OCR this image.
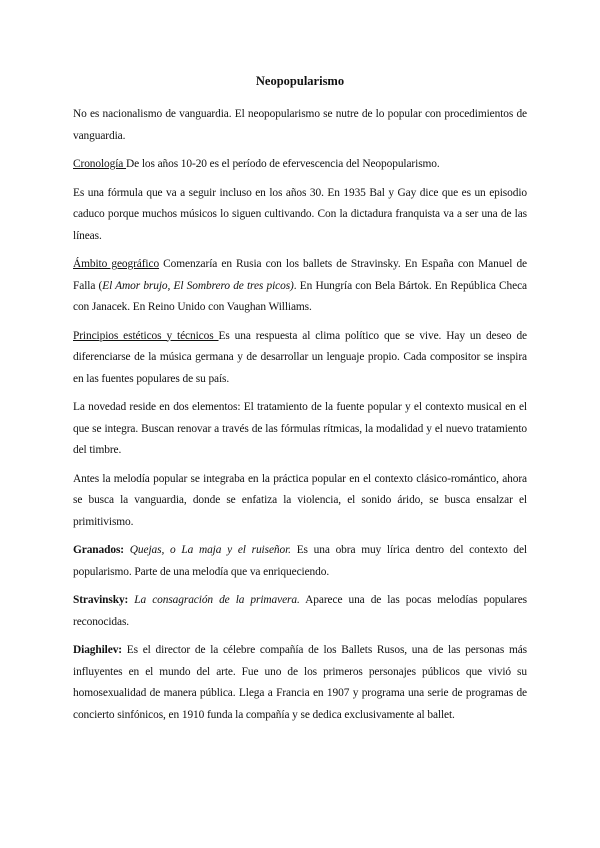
Neopopularismo

No es nacionalismo de vanguardia. El neopopularismo se nutre de lo popular con procedimientos de vanguardia.

Cronología De los años 10-20 es el período de efervescencia del Neopopularismo.

Es una fórmula que va a seguir incluso en los años 30. En 1935 Bal y Gay dice que es un episodio caduco porque muchos músicos lo siguen cultivando. Con la dictadura franquista va a ser una de las líneas.

Ámbito geográfico Comenzaría en Rusia con los ballets de Stravinsky. En España con Manuel de Falla (El Amor brujo, El Sombrero de tres picos). En Hungría con Bela Bártok. En República Checa con Janacek. En Reino Unido con Vaughan Williams.

Principios estéticos y técnicos Es una respuesta al clima político que se vive. Hay un deseo de diferenciarse de la música germana y de desarrollar un lenguaje propio. Cada compositor se inspira en las fuentes populares de su país.

La novedad reside en dos elementos: El tratamiento de la fuente popular y el contexto musical en el que se integra. Buscan renovar a través de las fórmulas rítmicas, la modalidad y el nuevo tratamiento del timbre.

Antes la melodía popular se integraba en la práctica popular en el contexto clásico-romántico, ahora se busca la vanguardia, donde se enfatiza la violencia, el sonido árido, se busca ensalzar el primitivismo.

Granados: Quejas, o La maja y el ruiseñor. Es una obra muy lírica dentro del contexto del popularismo. Parte de una melodía que va enriqueciendo.

Stravinsky: La consagración de la primavera. Aparece una de las pocas melodías populares reconocidas.

Diaghilev: Es el director de la célebre compañía de los Ballets Rusos, una de las personas más influyentes en el mundo del arte. Fue uno de los primeros personajes públicos que vivió su homosexualidad de manera pública. Llega a Francia en 1907 y programa una serie de programas de concierto sinfónicos, en 1910 funda la compañía y se dedica exclusivamente al ballet.
